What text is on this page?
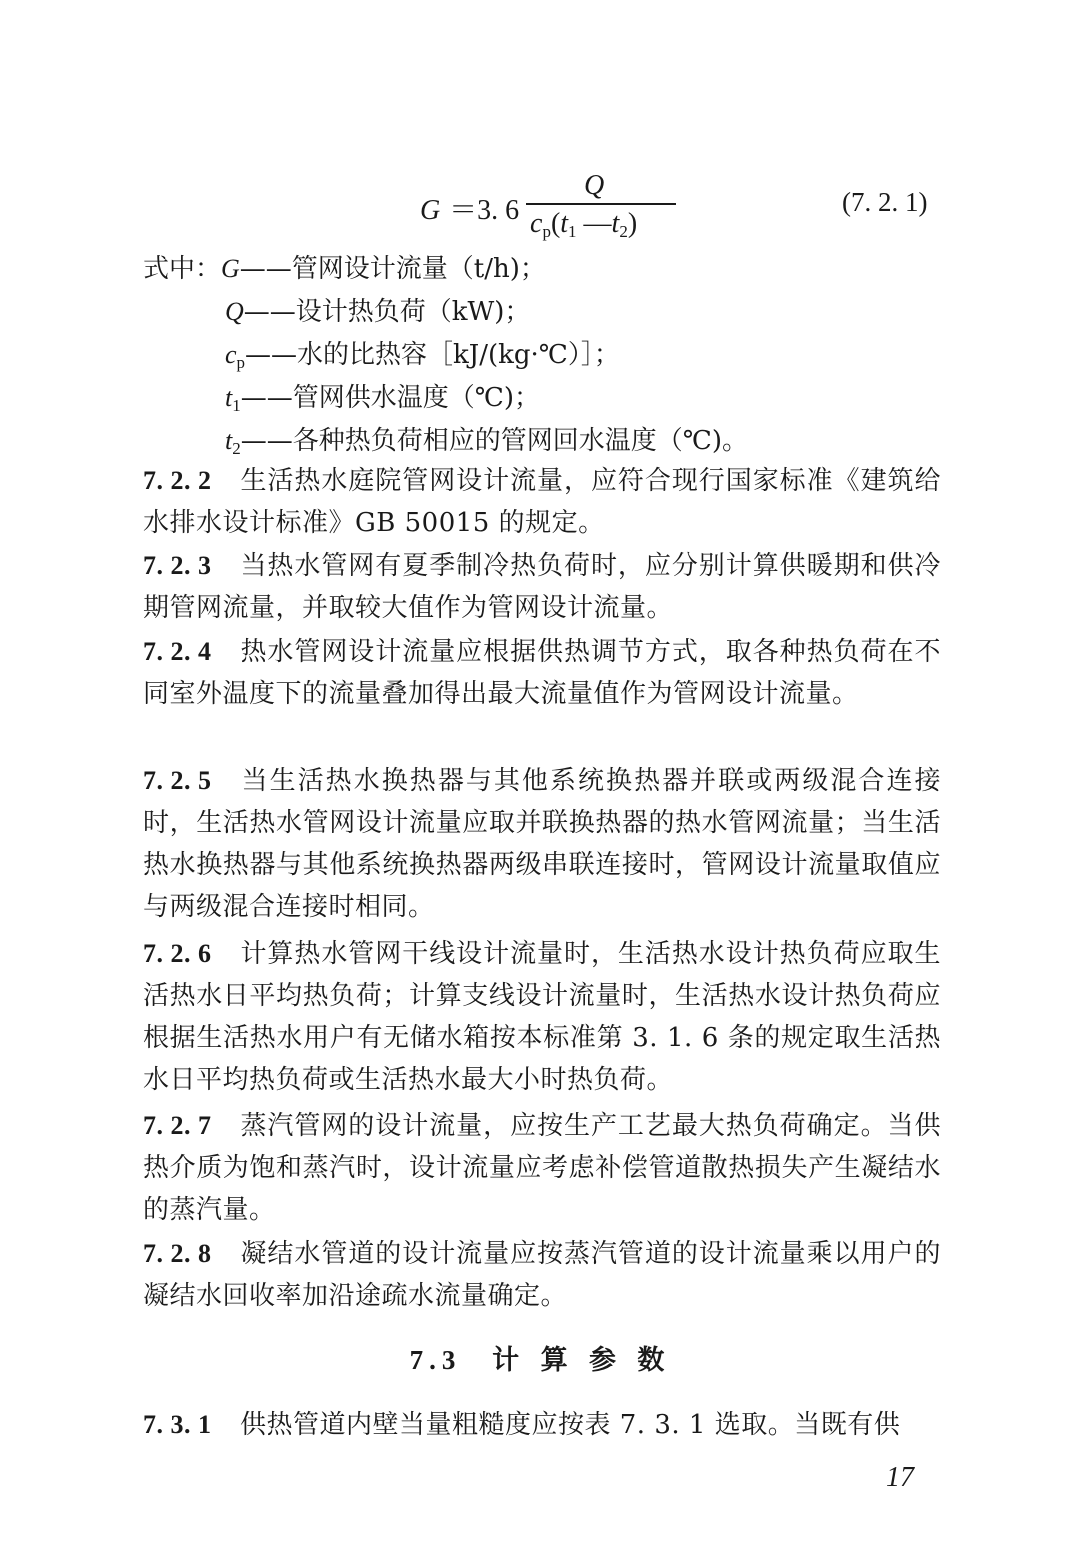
G ＝3. 6
Q
$c_p(t_1$ $—t_2$)
(7. 2. 1)
式中：G——管网设计流量（t/h)；
Q——设计热负荷（kW)；
$c_p——$水的比热容［kJ/(kg·℃）］；
$t_1——$管网供水温度（℃)；
$t_2——$各种热负荷相应的管网回水温度（℃)。
7. 2. 2 生活热水庭院管网设计流量，应符合现行国家标准《建筑给水排水设计标准》GB 50015 的规定。
7. 2. 3 当热水管网有夏季制冷热负荷时，应分别计算供暖期和供冷期管网流量，并取较大值作为管网设计流量。
7. 2. 4 热水管网设计流量应根据供热调节方式，取各种热负荷在不同室外温度下的流量叠加得出最大流量值作为管网设计流量。
7. 2. 5 当生活热水换热器与其他系统换热器并联或两级混合连接时，生活热水管网设计流量应取并联换热器的热水管网流量；当生活热水换热器与其他系统换热器两级串联连接时，管网设计流量取值应与两级混合连接时相同。
7. 2. 6 计算热水管网干线设计流量时，生活热水设计热负荷应取生活热水日平均热负荷；计算支线设计流量时，生活热水设计热负荷应根据生活热水用户有无储水箱按本标准第 3. 1. 6 条的规定取生活热水日平均热负荷或生活热水最大小时热负荷。
7. 2. 7 蒸汽管网的设计流量，应按生产工艺最大热负荷确定。当供热介质为饱和蒸汽时，设计流量应考虑补偿管道散热损失产生凝结水的蒸汽量。
7. 2. 8 凝结水管道的设计流量应按蒸汽管道的设计流量乘以用户的凝结水回收率加沿途疏水流量确定。
7.3 计 算 参 数
7. 3. 1 供热管道内壁当量粗糙度应按表 7. 3. 1 选取。当既有供
17
